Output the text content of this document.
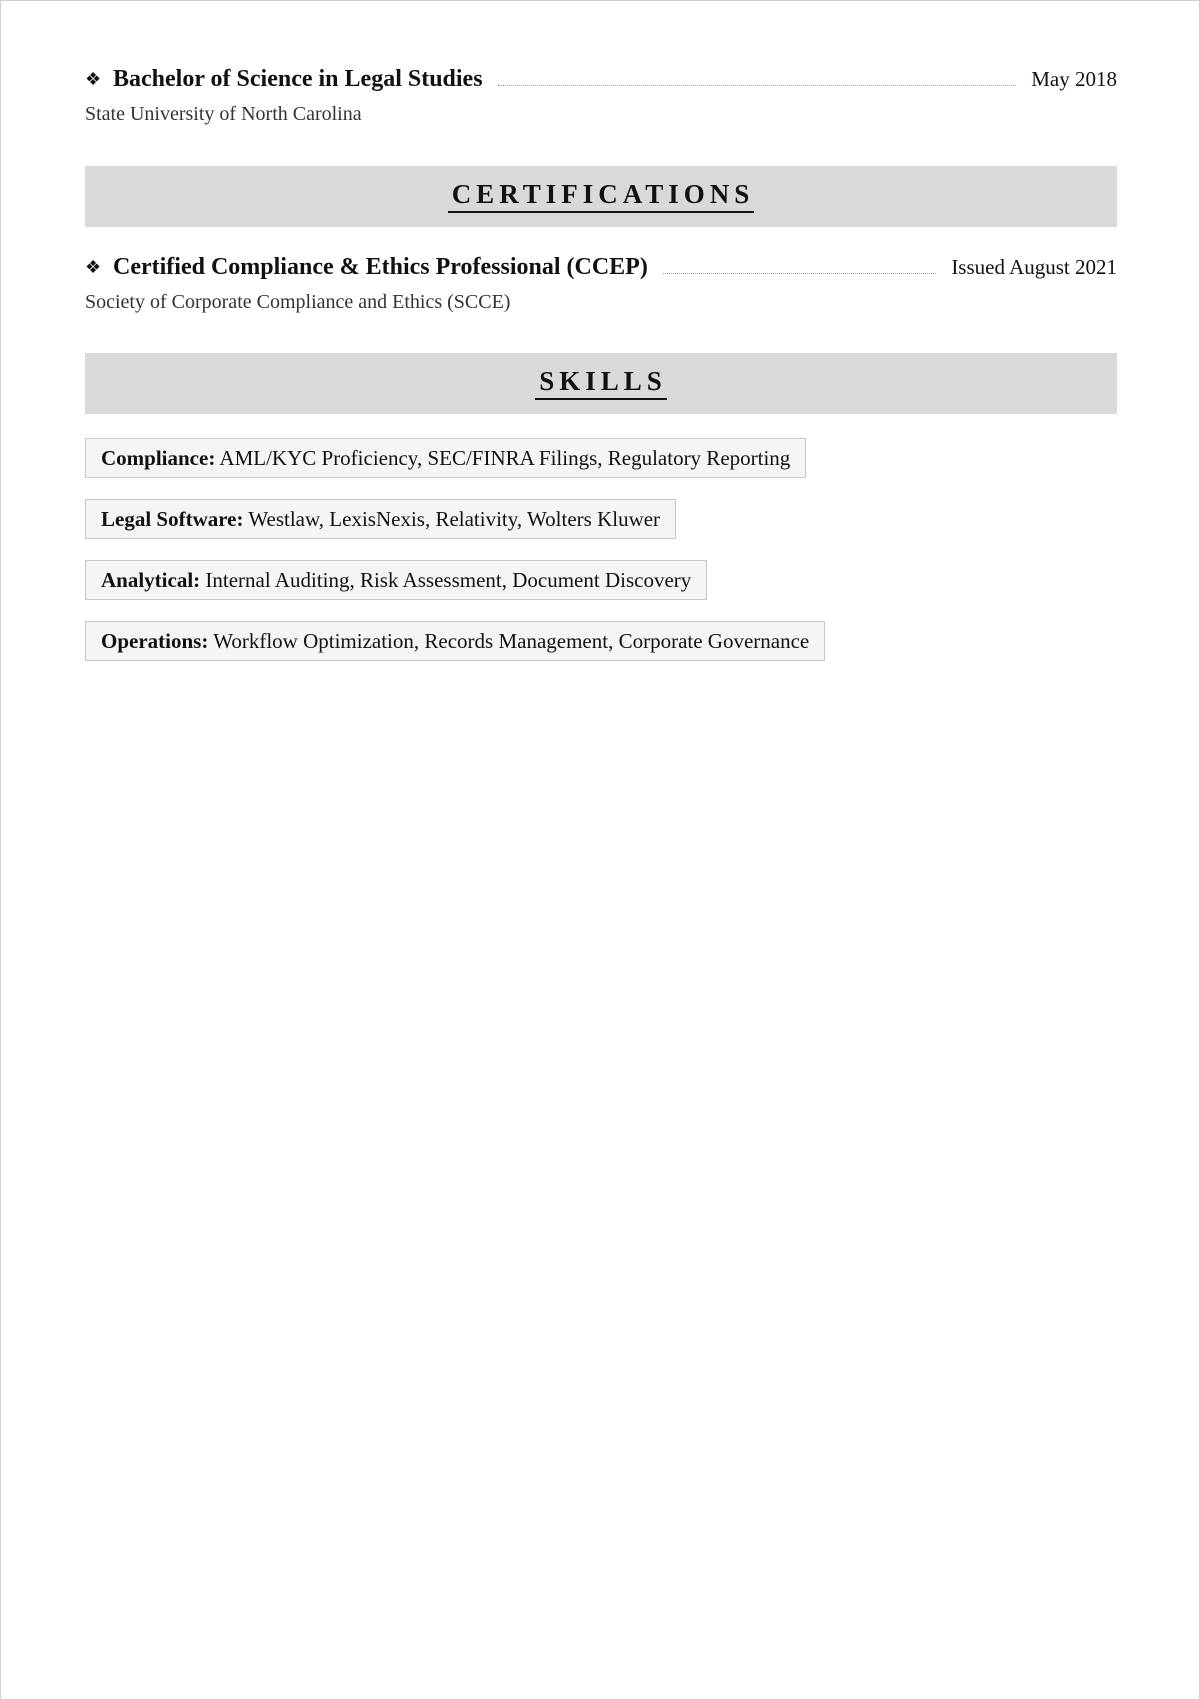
❖ Bachelor of Science in Legal Studies	May 2018
State University of North Carolina
CERTIFICATIONS
❖ Certified Compliance & Ethics Professional (CCEP)	Issued August 2021
Society of Corporate Compliance and Ethics (SCCE)
SKILLS
Compliance: AML/KYC Proficiency, SEC/FINRA Filings, Regulatory Reporting
Legal Software: Westlaw, LexisNexis, Relativity, Wolters Kluwer
Analytical: Internal Auditing, Risk Assessment, Document Discovery
Operations: Workflow Optimization, Records Management, Corporate Governance
